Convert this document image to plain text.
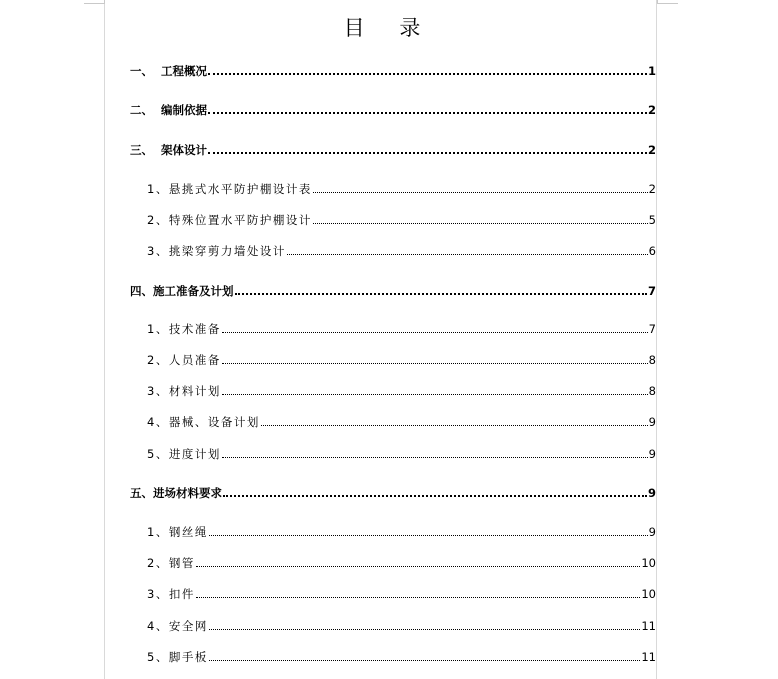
目 录
一、 工程概况	1
二、 编制依据	2
三、 架体设计	2
1、 悬挑式水平防护棚设计表	2
2、 特殊位置水平防护棚设计	5
3、 挑梁穿剪力墙处设计	6
四、 施工准备及计划	7
1、 技术准备	7
2、 人员准备	8
3、 材料计划	8
4、 器械、设备计划	9
5、 进度计划	9
五、 进场材料要求	9
1、 钢丝绳	9
2、 钢管	10
3、 扣件	10
4、 安全网	11
5、 脚手板	11
